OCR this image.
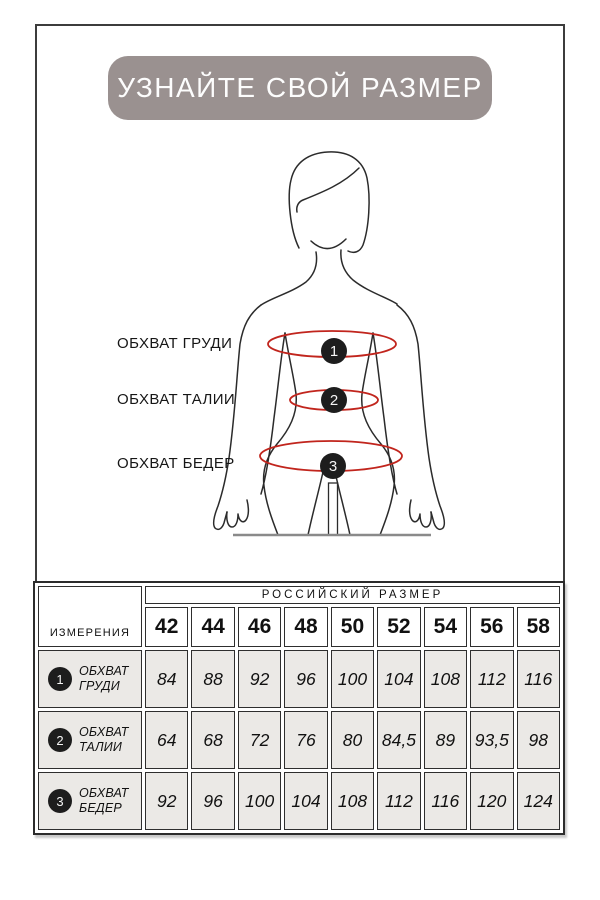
УЗНАЙТЕ СВОЙ РАЗМЕР
1
2
3
ОБХВАТ ГРУДИ
ОБХВАТ ТАЛИИ
ОБХВАТ БЕДЕР
ИЗМЕРЕНИЯ	РОССИЙСКИЙ РАЗМЕР								
	42	44	46	48	50	52	54	56	58

1
ОБХВАТ ГРУДИ	84	88	92	96	100	104	108	112	116

2
ОБХВАТ ТАЛИИ	64	68	72	76	80	84,5	89	93,5	98

3
ОБХВАТ БЕДЕР	92	96	100	104	108	112	116	120	124
